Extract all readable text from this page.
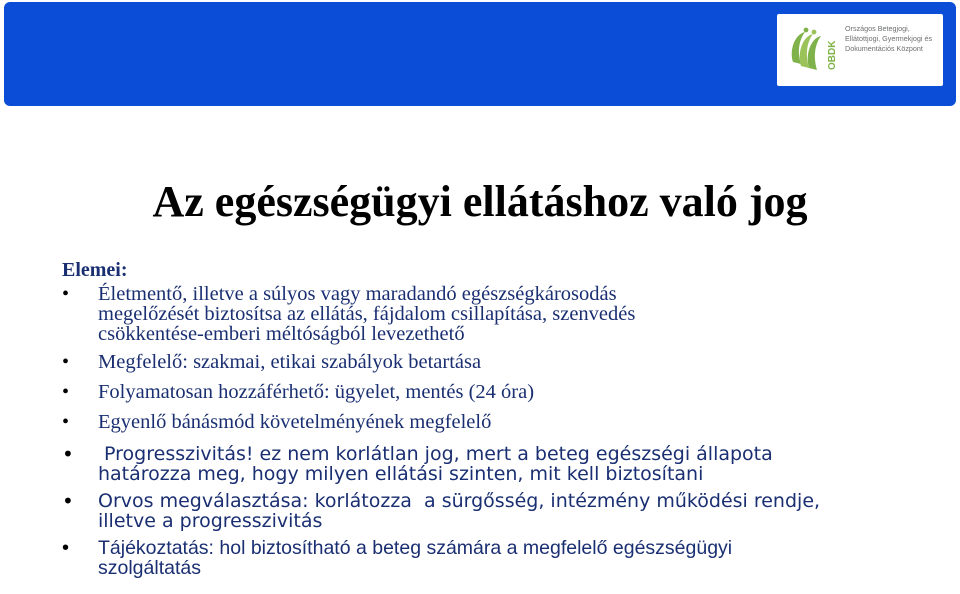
OBDK
Országos Betegjogi,
Ellátottjogi, Gyermekjogi és
Dokumentációs Központ
Az egészségügyi ellátáshoz való jog
Elemei:
• Életmentő, illetve a súlyos vagy maradandó egészségkárosodás
megelőzését biztosítsa az ellátás, fájdalom csillapítása, szenvedés
csökkentése-emberi méltóságból levezethető
• Megfelelő: szakmai, etikai szabályok betartása
• Folyamatosan hozzáférhető: ügyelet, mentés (24 óra)
• Egyenlő bánásmód követelményének megfelelő
•  Progresszivitás! ez nem korlátlan jog, mert a beteg egészségi állapota
határozza meg, hogy milyen ellátási szinten, mit kell biztosítani
• Orvos megválasztása: korlátozza  a sürgősség, intézmény működési rendje,
illetve a progresszivitás
• Tájékoztatás: hol biztosítható a beteg számára a megfelelő egészségügyi
szolgáltatás
